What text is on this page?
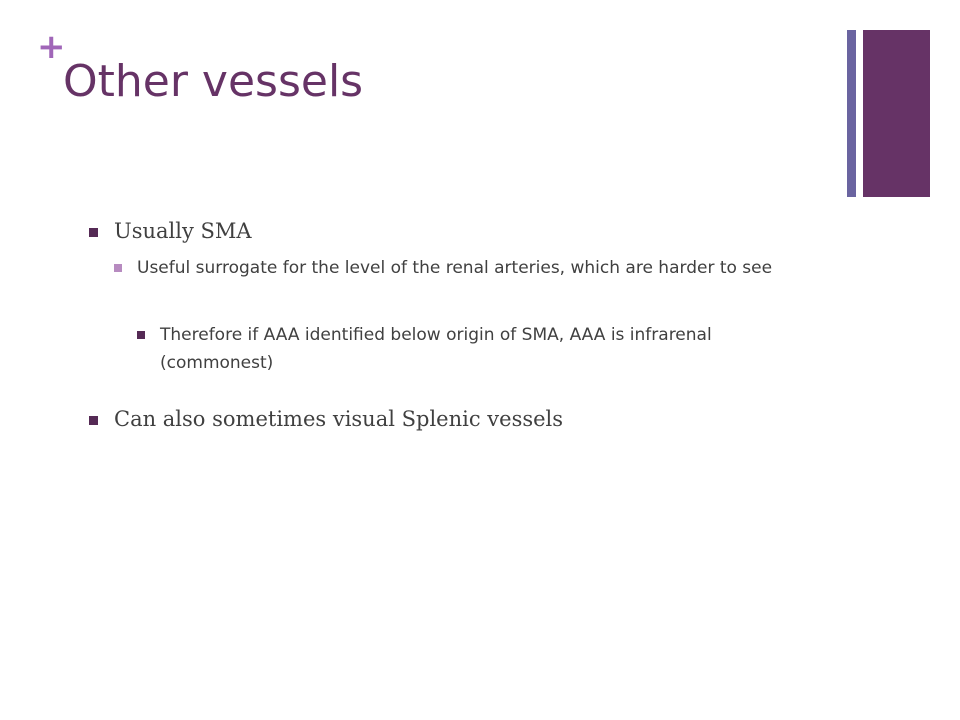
+
Other vessels
Usually SMA
Useful surrogate for the level of the renal arteries, which are harder to see
Therefore if AAA identified below origin of SMA, AAA is infrarenal (commonest)
Can also sometimes visual Splenic vessels
